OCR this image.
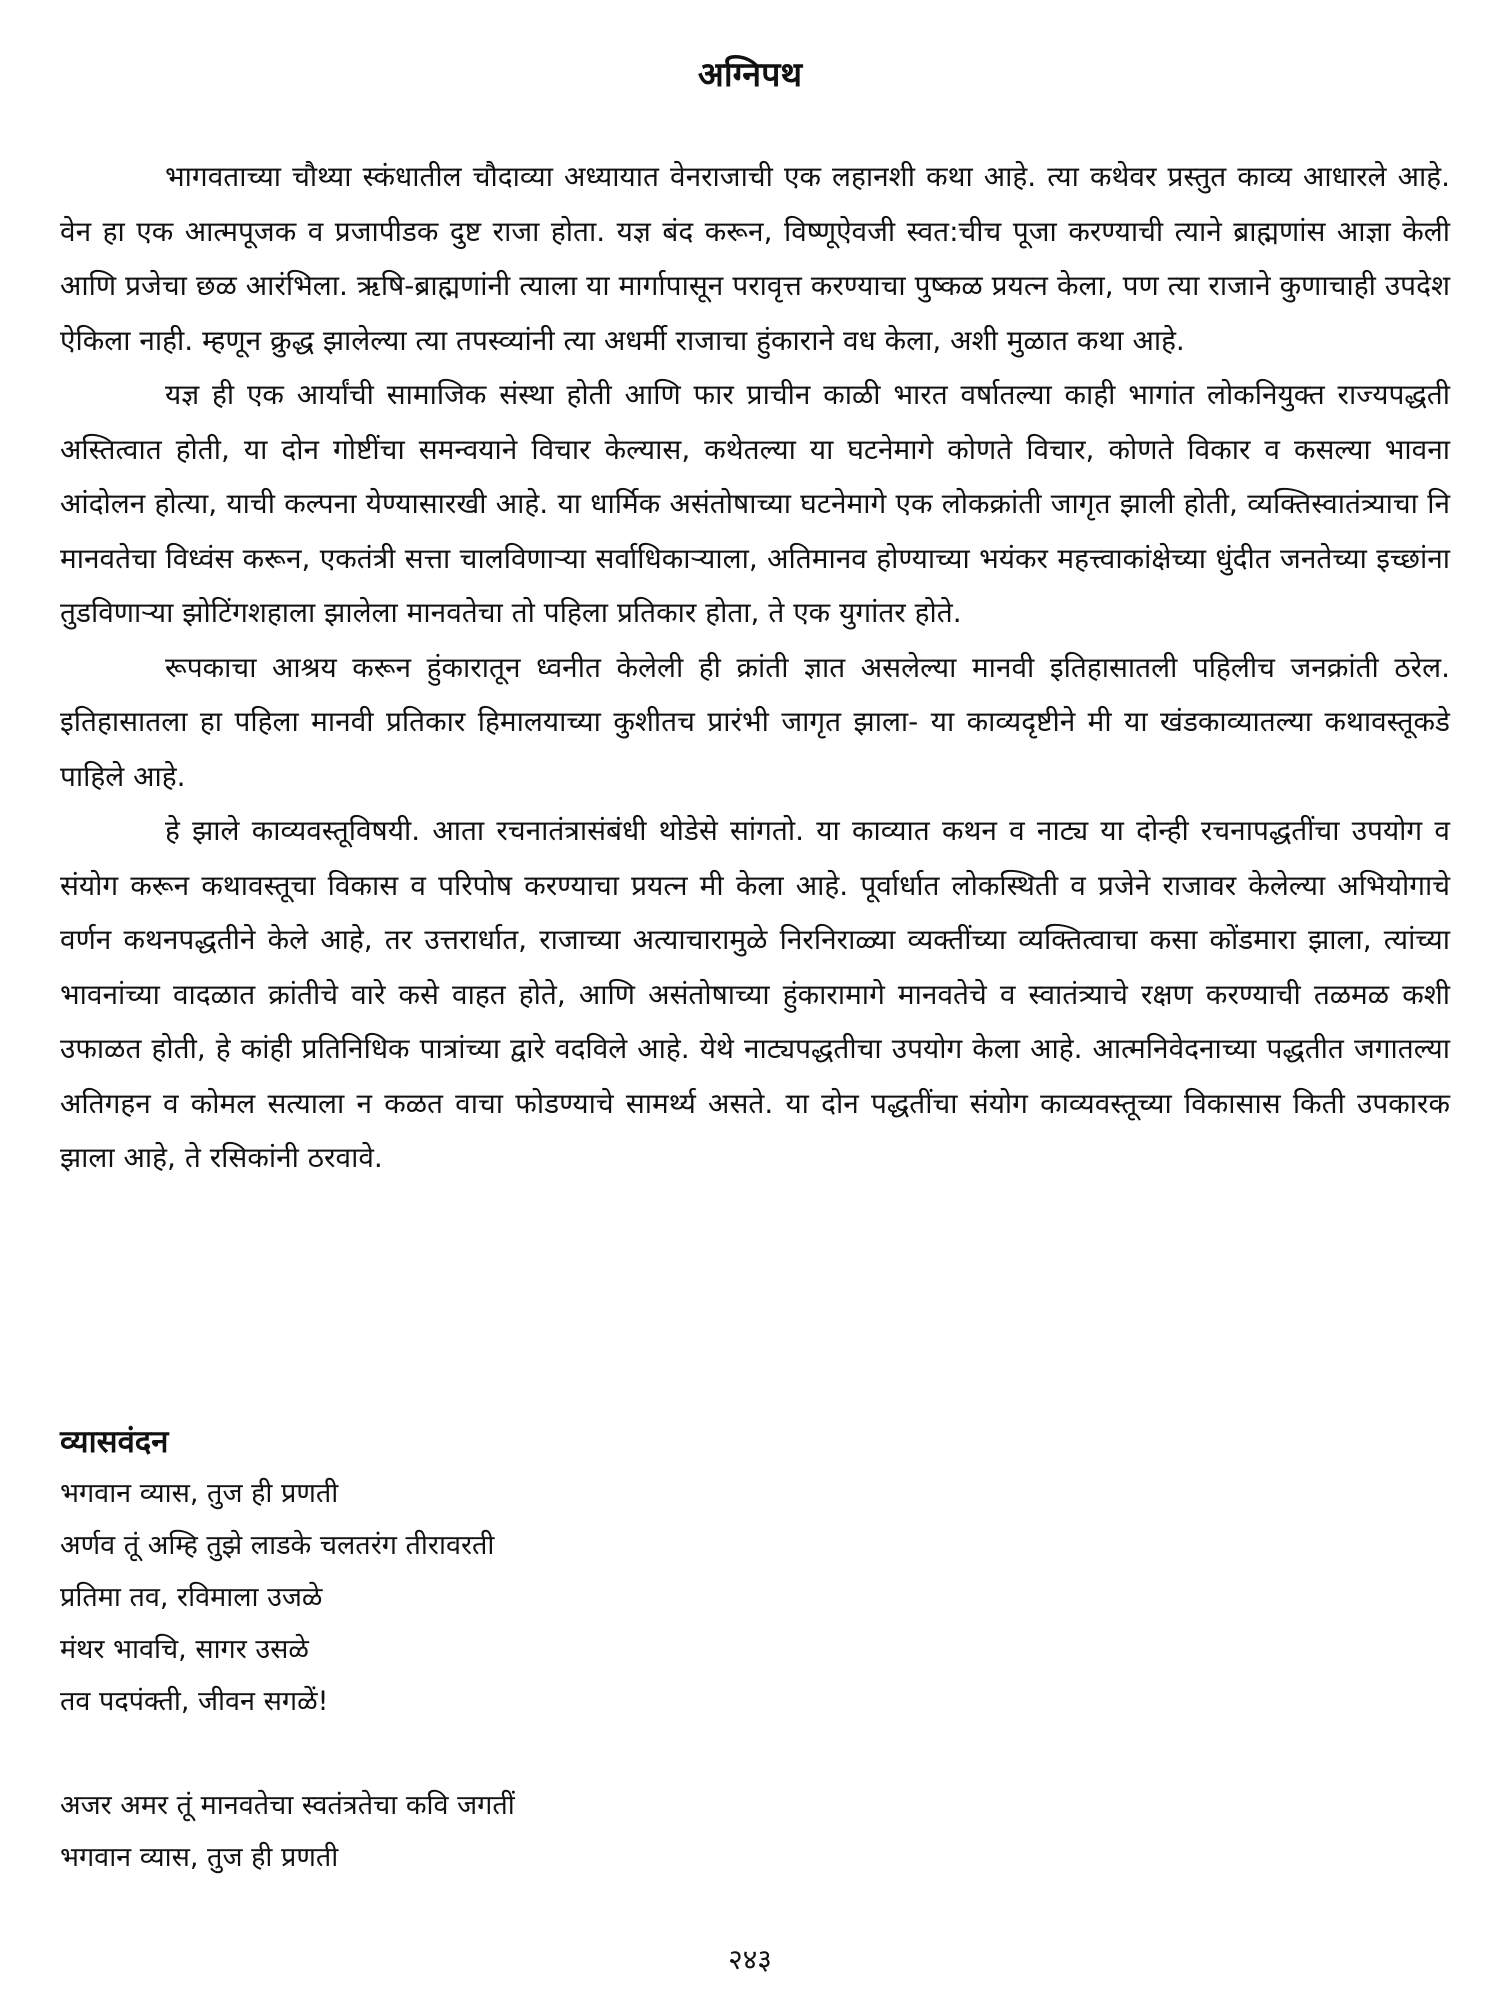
अग्निपथ

भागवताच्या चौथ्या स्कंधातील चौदाव्या अध्यायात वेनराजाची एक लहानशी कथा आहे. त्या कथेवर प्रस्तुत काव्य आधारले आहे. वेन हा एक आत्मपूजक व प्रजापीडक दुष्ट राजा होता. यज्ञ बंद करून, विष्णूऐवजी स्वत:चीच पूजा करण्याची त्याने ब्राह्मणांस आज्ञा केली आणि प्रजेचा छळ आरंभिला. ऋषि-ब्राह्मणांनी त्याला या मार्गापासून परावृत्त करण्याचा पुष्कळ प्रयत्न केला, पण त्या राजाने कुणाचाही उपदेश ऐकिला नाही. म्हणून क्रुद्ध झालेल्या त्या तपस्व्यांनी त्या अधर्मी राजाचा हुंकाराने वध केला, अशी मुळात कथा आहे.

यज्ञ ही एक आर्यांची सामाजिक संस्था होती आणि फार प्राचीन काळी भारत वर्षातल्या काही भागांत लोकनियुक्त राज्यपद्धती अस्तित्वात होती, या दोन गोष्टींचा समन्वयाने विचार केल्यास, कथेतल्या या घटनेमागे कोणते विचार, कोणते विकार व कसल्या भावना आंदोलन होत्या, याची कल्पना येण्यासारखी आहे. या धार्मिक असंतोषाच्या घटनेमागे एक लोकक्रांती जागृत झाली होती, व्यक्तिस्वातंत्र्याचा नि मानवतेचा विध्वंस करून, एकतंत्री सत्ता चालविणाऱ्या सर्वाधिकाऱ्याला, अतिमानव होण्याच्या भयंकर महत्त्वाकांक्षेच्या धुंदीत जनतेच्या इच्छांना तुडविणाऱ्या झोटिंगशहाला झालेला मानवतेचा तो पहिला प्रतिकार होता, ते एक युगांतर होते.

रूपकाचा आश्रय करून हुंकारातून ध्वनीत केलेली ही क्रांती ज्ञात असलेल्या मानवी इतिहासातली पहिलीच जनक्रांती ठरेल. इतिहासातला हा पहिला मानवी प्रतिकार हिमालयाच्या कुशीतच प्रारंभी जागृत झाला- या काव्यदृष्टीने मी या खंडकाव्यातल्या कथावस्तूकडे पाहिले आहे.

हे झाले काव्यवस्तूविषयी. आता रचनातंत्रासंबंधी थोडेसे सांगतो. या काव्यात कथन व नाट्य या दोन्ही रचनापद्धतींचा उपयोग व संयोग करून कथावस्तूचा विकास व परिपोष करण्याचा प्रयत्न मी केला आहे. पूर्वार्धात लोकस्थिती व प्रजेने राजावर केलेल्या अभियोगाचे वर्णन कथनपद्धतीने केले आहे, तर उत्तरार्धात, राजाच्या अत्याचारामुळे निरनिराळ्या व्यक्तींच्या व्यक्तित्वाचा कसा कोंडमारा झाला, त्यांच्या भावनांच्या वादळात क्रांतीचे वारे कसे वाहत होते, आणि असंतोषाच्या हुंकारामागे मानवतेचे व स्वातंत्र्याचे रक्षण करण्याची तळमळ कशी उफाळत होती, हे कांही प्रतिनिधिक पात्रांच्या द्वारे वदविले आहे. येथे नाट्यपद्धतीचा उपयोग केला आहे. आत्मनिवेदनाच्या पद्धतीत जगातल्या अतिगहन व कोमल सत्याला न कळत वाचा फोडण्याचे सामर्थ्य असते. या दोन पद्धतींचा संयोग काव्यवस्तूच्या विकासास किती उपकारक झाला आहे, ते रसिकांनी ठरवावे.

व्यासवंदन
भगवान व्यास, तुज ही प्रणती
अर्णव तूं अम्हि तुझे लाडके चलतरंग तीरावरती
प्रतिमा तव, रविमाला उजळे
मंथर भावचि, सागर उसळे
तव पदपंक्ती, जीवन सगळें!
अजर अमर तूं मानवतेचा स्वतंत्रतेचा कवि जगतीं
भगवान व्यास, तुज ही प्रणती

२४३
